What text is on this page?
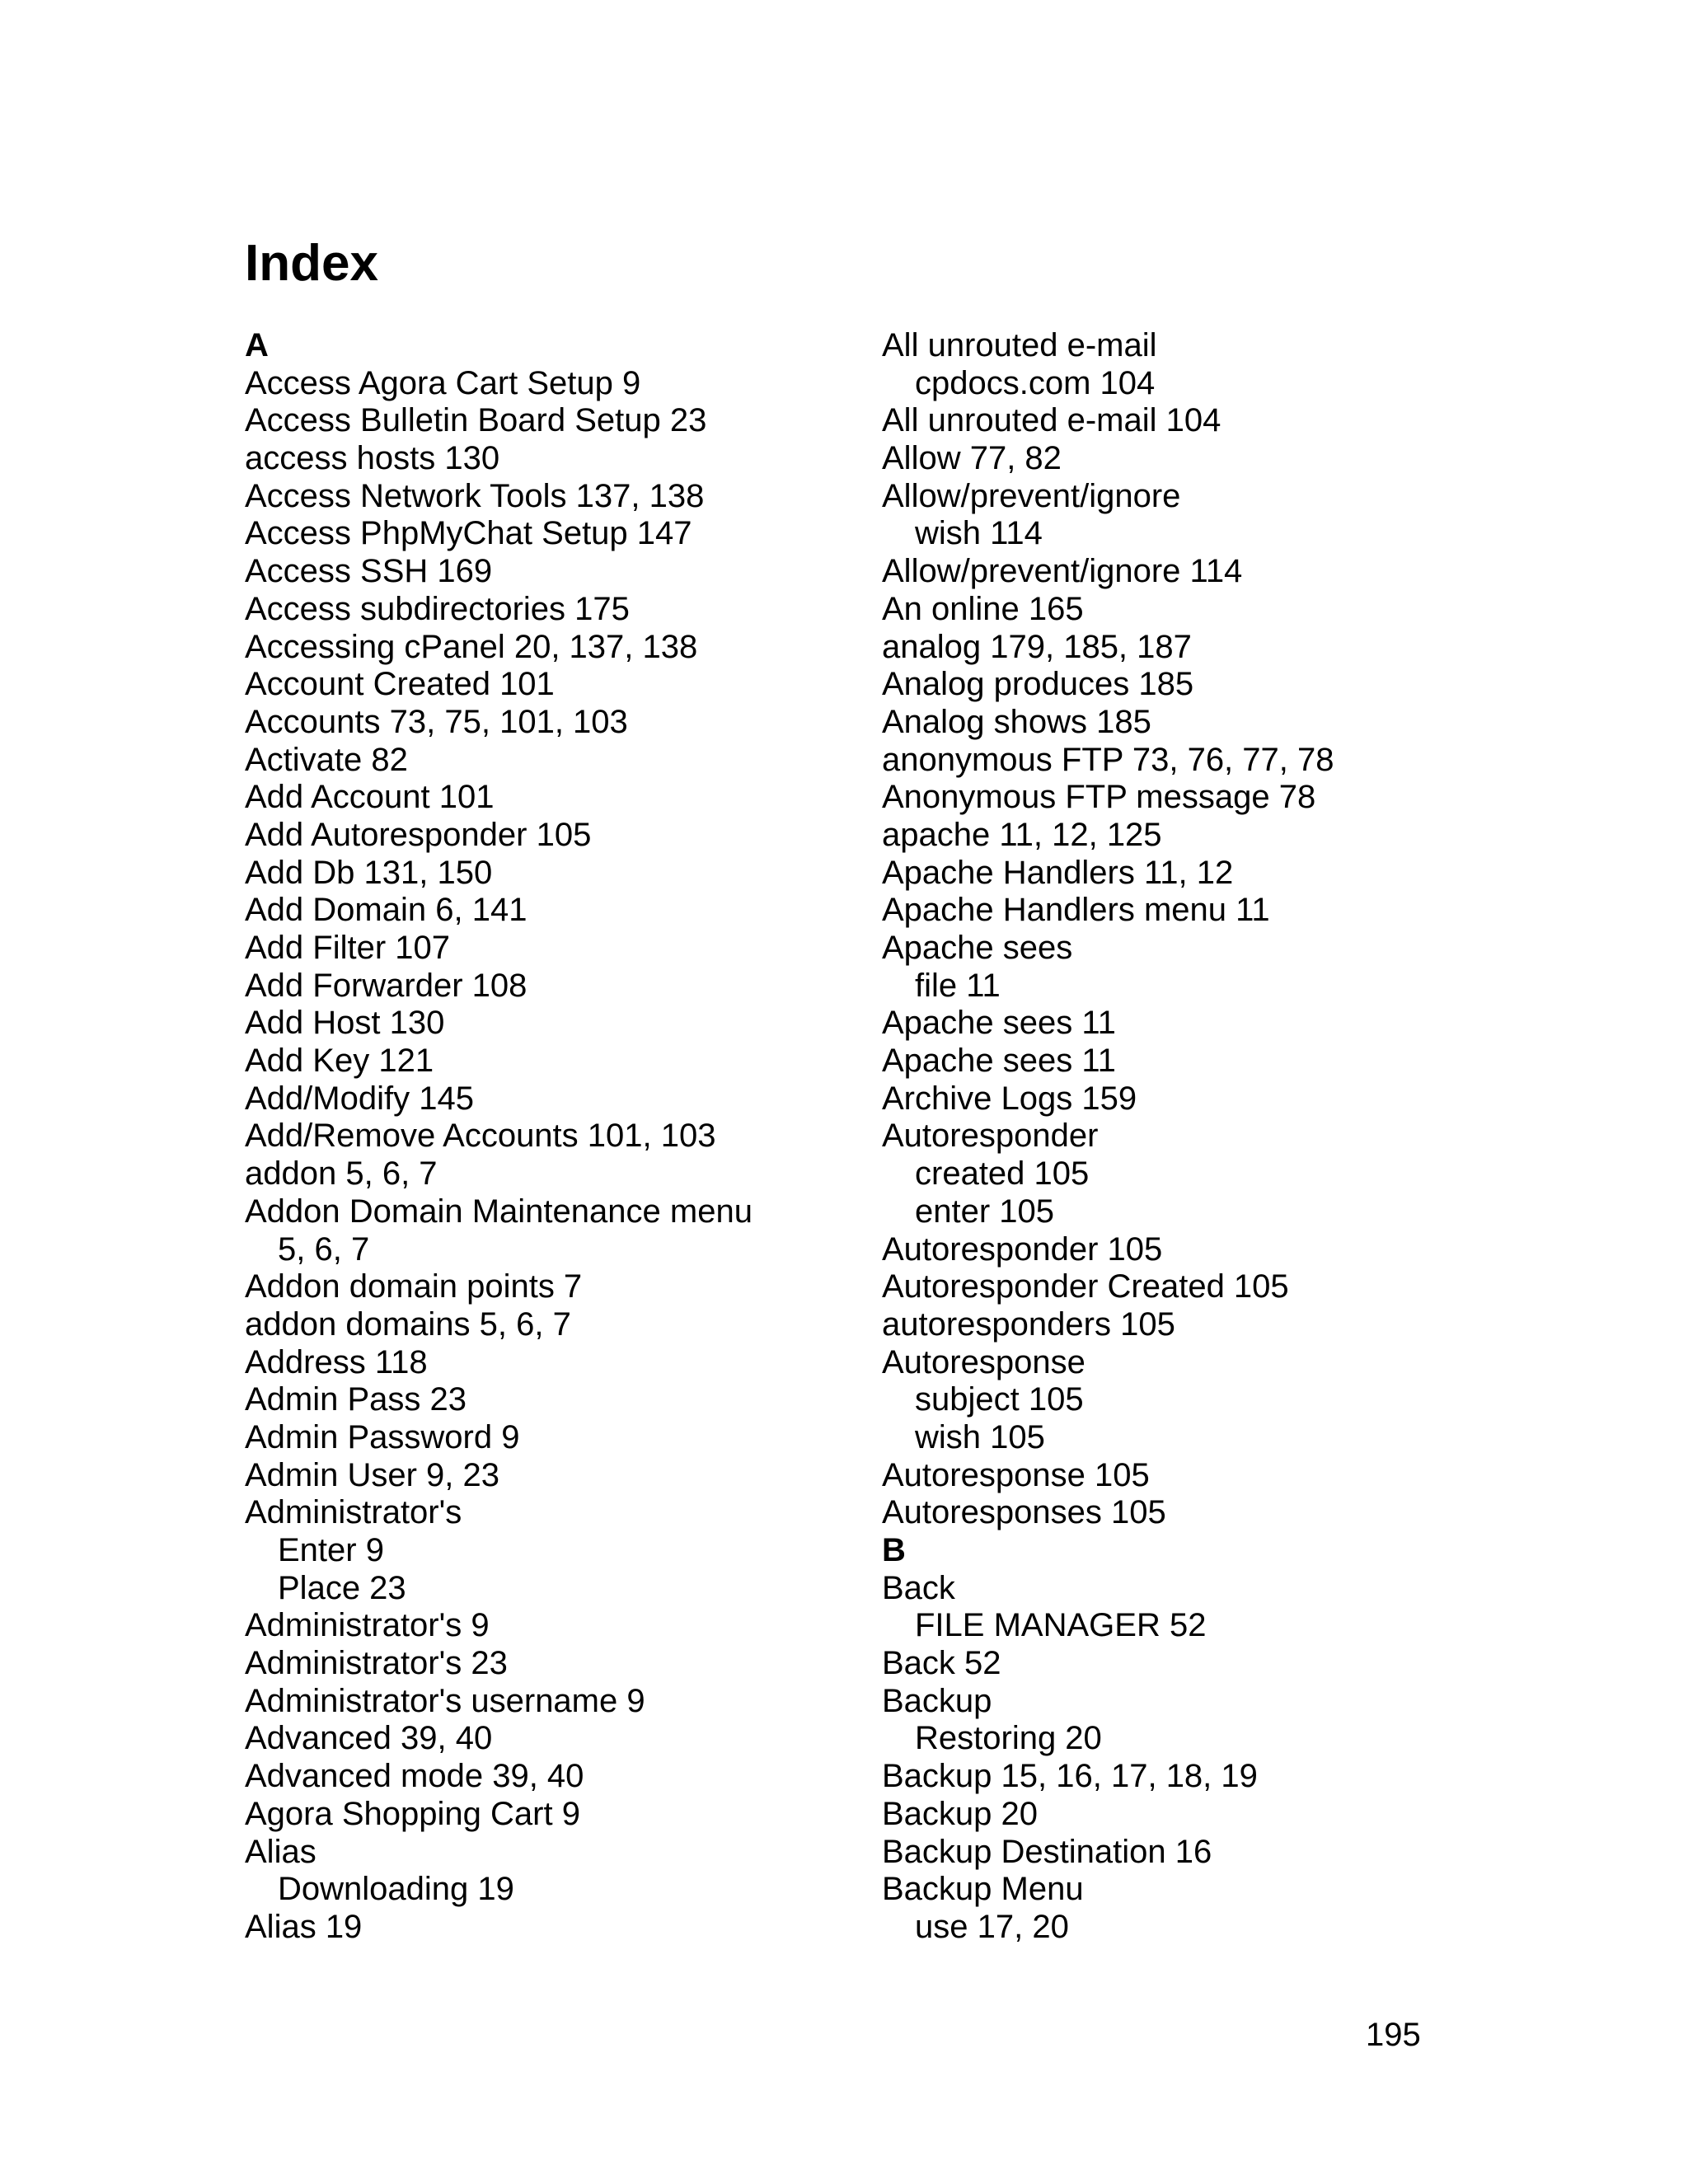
Index
A
Access Agora Cart Setup 9
Access Bulletin Board Setup 23
access hosts 130
Access Network Tools 137, 138
Access PhpMyChat Setup 147
Access SSH 169
Access subdirectories 175
Accessing cPanel 20, 137, 138
Account Created 101
Accounts 73, 75, 101, 103
Activate 82
Add Account 101
Add Autoresponder 105
Add Db 131, 150
Add Domain 6, 141
Add Filter 107
Add Forwarder 108
Add Host 130
Add Key 121
Add/Modify 145
Add/Remove Accounts 101, 103
addon 5, 6, 7
Addon Domain Maintenance menu
5, 6, 7
Addon domain points 7
addon domains 5, 6, 7
Address 118
Admin Pass 23
Admin Password 9
Admin User 9, 23
Administrator's
Enter 9
Place 23
Administrator's 9
Administrator's 23
Administrator's username 9
Advanced 39, 40
Advanced mode 39, 40
Agora Shopping Cart 9
Alias
Downloading 19
Alias 19
All unrouted e-mail
cpdocs.com 104
All unrouted e-mail 104
Allow 77, 82
Allow/prevent/ignore
wish 114
Allow/prevent/ignore 114
An online 165
analog 179, 185, 187
Analog produces 185
Analog shows 185
anonymous FTP 73, 76, 77, 78
Anonymous FTP message 78
apache 11, 12, 125
Apache Handlers 11, 12
Apache Handlers menu 11
Apache sees
file 11
Apache sees 11
Apache sees 11
Archive Logs 159
Autoresponder
created 105
enter 105
Autoresponder 105
Autoresponder Created 105
autoresponders 105
Autoresponse
subject 105
wish 105
Autoresponse 105
Autoresponses 105
B
Back
FILE MANAGER 52
Back 52
Backup
Restoring 20
Backup 15, 16, 17, 18, 19
Backup 20
Backup Destination 16
Backup Menu
use 17, 20
195
